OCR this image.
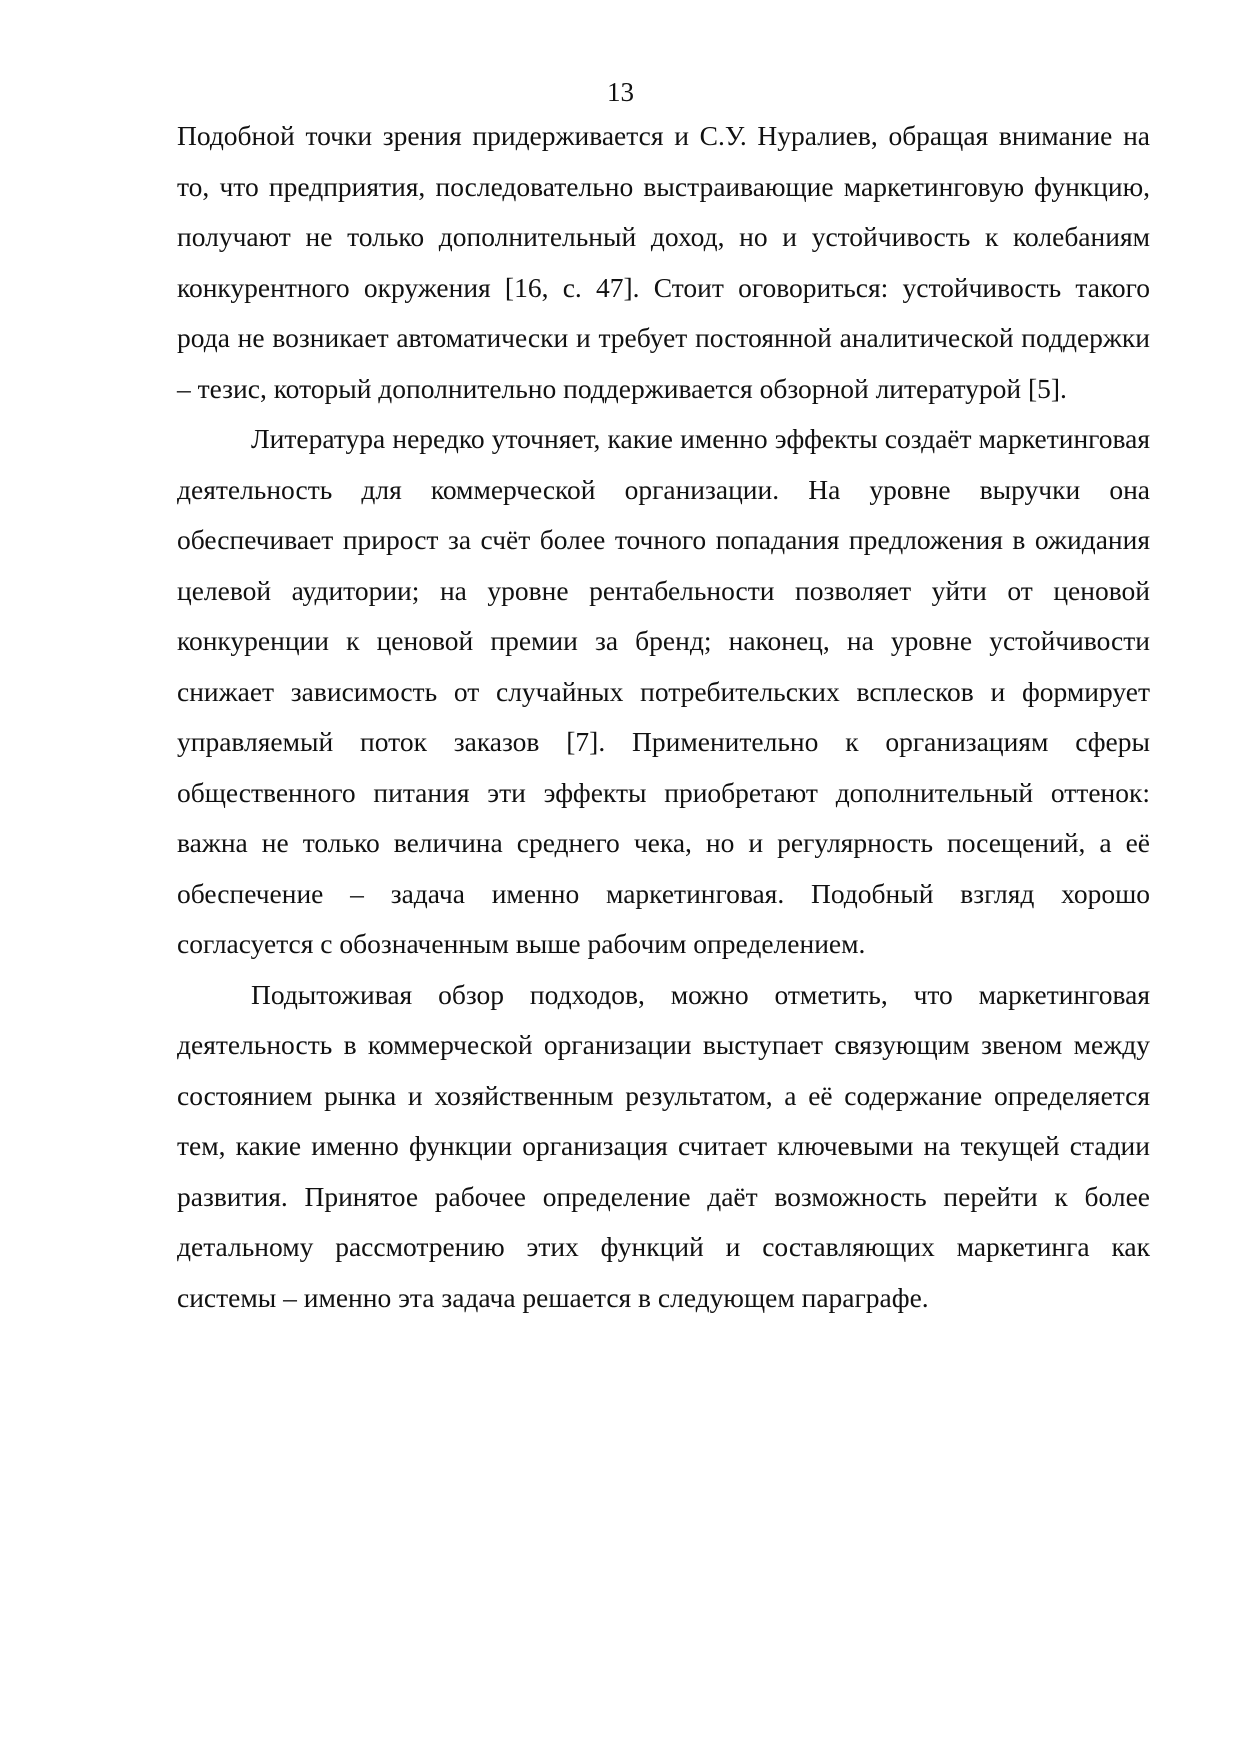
13

Подобной точки зрения придерживается и С.У. Нуралиев, обращая внимание на то, что предприятия, последовательно выстраивающие маркетинговую функцию, получают не только дополнительный доход, но и устойчивость к колебаниям конкурентного окружения [16, с. 47]. Стоит оговориться: устойчивость такого рода не возникает автоматически и требует постоянной аналитической поддержки – тезис, который дополнительно поддерживается обзорной литературой [5].

Литература нередко уточняет, какие именно эффекты создаёт маркетинговая деятельность для коммерческой организации. На уровне выручки она обеспечивает прирост за счёт более точного попадания предложения в ожидания целевой аудитории; на уровне рентабельности позволяет уйти от ценовой конкуренции к ценовой премии за бренд; наконец, на уровне устойчивости снижает зависимость от случайных потребительских всплесков и формирует управляемый поток заказов [7]. Применительно к организациям сферы общественного питания эти эффекты приобретают дополнительный оттенок: важна не только величина среднего чека, но и регулярность посещений, а её обеспечение – задача именно маркетинговая. Подобный взгляд хорошо согласуется с обозначенным выше рабочим определением.

Подытоживая обзор подходов, можно отметить, что маркетинговая деятельность в коммерческой организации выступает связующим звеном между состоянием рынка и хозяйственным результатом, а её содержание определяется тем, какие именно функции организация считает ключевыми на текущей стадии развития. Принятое рабочее определение даёт возможность перейти к более детальному рассмотрению этих функций и составляющих маркетинга как системы – именно эта задача решается в следующем параграфе.
